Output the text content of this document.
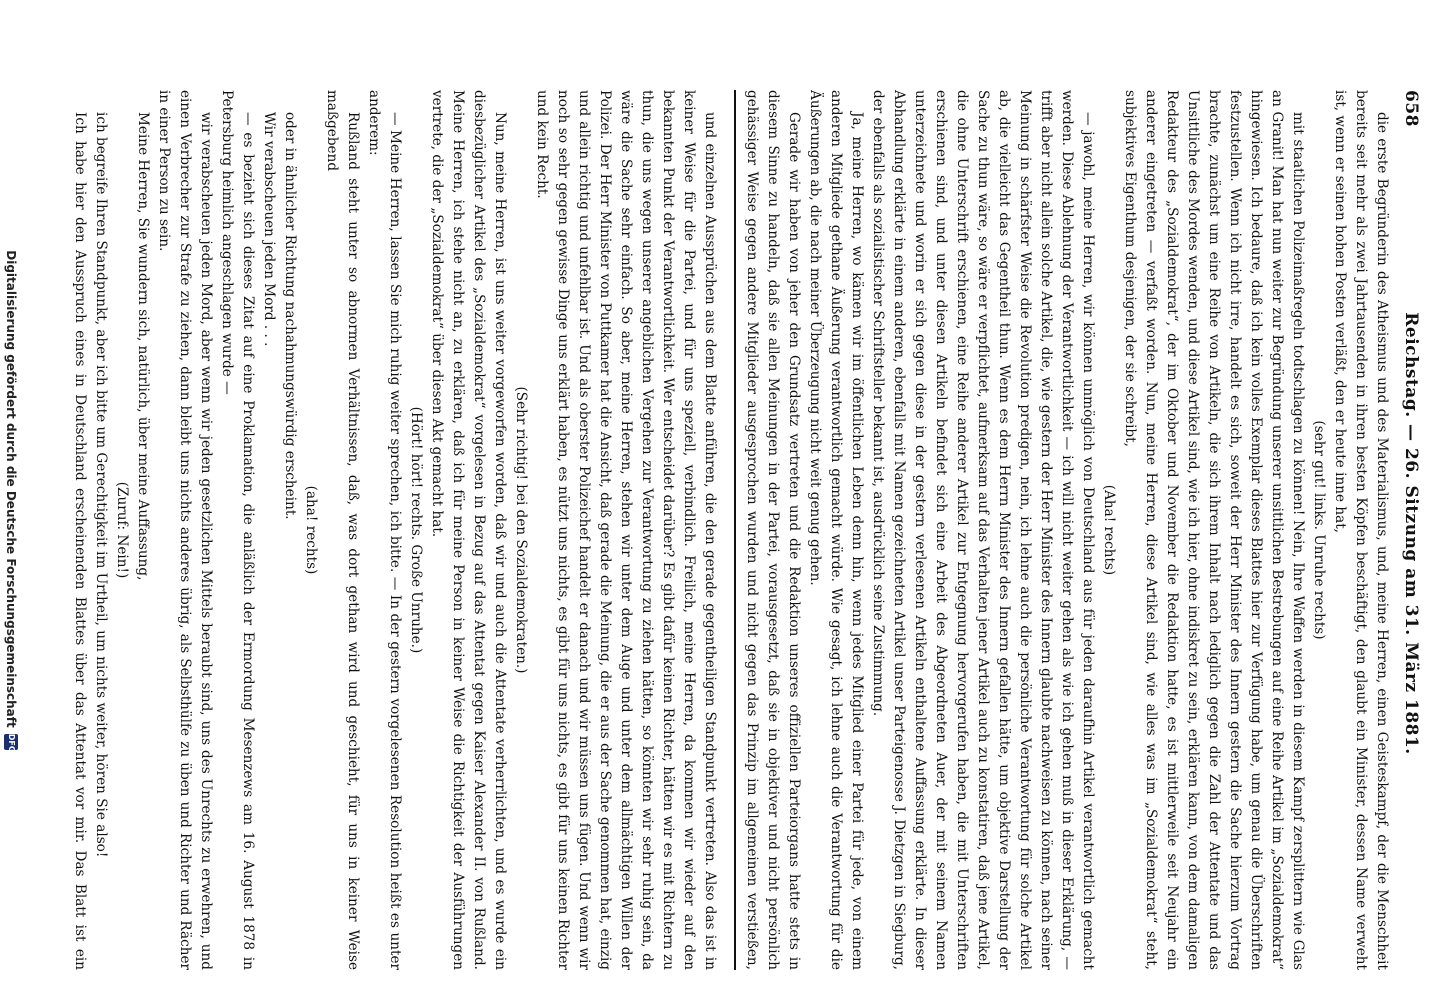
Digitalisierung gefördert durch die Deutsche Forschungsgemeinschaft
DFG
658
Reichstag. — 26. Sitzung am 31. März 1881.

die erste Begründerin des Atheismus und des Materialismus, und, meine Herren, einen Geisteskampf, der die Menschheit bereits seit mehr als zwei Jahrtausenden in ihren besten Köpfen beschäftigt, den glaubt ein Minister, dessen Name verweht ist, wenn er seinen hohen Posten verläßt, den er heute inne hat,

(sehr gut! links. Unruhe rechts)

mit staatlichen Polizeimaßregeln todtschlagen zu können! Nein, Ihre Waffen werden in diesem Kampf zersplittern wie Glas an Granit! Man hat nun weiter zur Begründung unserer unsittlichen Bestrebungen auf eine Reihe Artikel im „Sozialdemokrat“ hingewiesen. Ich bedaure, daß ich kein volles Exemplar dieses Blattes hier zur Verfügung habe, um genau die Überschriften festzustellen. Wenn ich nicht irre, handelt es sich, soweit der Herr Minister des Innern gestern die Sache hierzum Vortrag brachte, zunächst um eine Reihe von Artikeln, die sich ihrem Inhalt nach lediglich gegen die Zahl der Attentate und das Unsittliche des Mordes wenden, und diese Artikel sind, wie ich hier, ohne indiskret zu sein, erklären kann, von dem damaligen Redakteur des „Sozialdemokrat“, der im Oktober und November die Redaktion hatte, es ist mittlerweile seit Neujahr ein anderer eingetreten — verfaßt worden. Nun, meine Herren, diese Artikel sind, wie alles was im „Sozialdemokrat“ steht, subjektives Eigenthum desjenigen, der sie schreibt,

(Aha! rechts)

— jawohl, meine Herren, wir können unmöglich von Deutschland aus für jeden daraufhin Artikel verantwortlich gemacht werden. Diese Ablehnung der Verantwortlichkeit — ich will nicht weiter gehen als wie ich gehen muß in dieser Erklärung, — trifft aber nicht allein solche Artikel, die, wie gestern der Herr Minister des Innern glaubte nachweisen zu können, nach seiner Meinung in schärfster Weise die Revolution predigen, nein, ich lehne auch die persönliche Verantwortung für solche Artikel ab, die vielleicht das Gegentheil thun. Wenn es dem Herrn Minister des Innern gefallen hätte, um objektive Darstellung der Sache zu thun wäre, so wäre er verpflichtet, aufmerksam auf das Verhalten jener Artikel auch zu konstatiren, daß jene Artikel, die ohne Unterschrift erschienen, eine Reihe anderer Artikel zur Entgegnung hervorgerufen haben, die mit Unterschriften erschienen sind, und unter diesen Artikeln befindet sich eine Arbeit des Abgeordneten Auer, der mit seinem Namen unterzeichnete und worin er sich gegen diese in der gestern verlesenen Artikeln enthaltene Auffassung erklärte. In dieser Abhandlung erklärte in einem anderen, ebenfalls mit Namen gezeichneten Artikel unser Parteigenosse J. Dietzgen in Siegburg, der ebenfalls als sozialistischer Schriftsteller bekannt ist, ausdrücklich seine Zustimmung.

Ja, meine Herren, wo kämen wir im öffentlichen Leben denn hin, wenn jedes Mitglied einer Partei für jede, von einem anderen Mitgliede gethane Äußerung verantwortlich gemacht würde. Wie gesagt, ich lehne auch die Verantwortung für die Äußerungen ab, die nach meiner Überzeugung nicht weit genug gehen.

Gerade wir haben von jeher den Grundsatz vertreten und die Redaktion unseres offiziellen Parteiorgans hatte stets in diesem Sinne zu handeln, daß sie allen Meinungen in der Partei, vorausgesetzt, daß sie in objektiver und nicht persönlich gehässiger Weise gegen andere Mitglieder ausgesprochen wurden und nicht gegen das Prinzip im allgemeinen verstießen,

und einzelnen Aussprüchen aus dem Blatte anführen, die den gerade gegentheiligen Standpunkt vertreten. Also das ist in keiner Weise für die Partei, und für uns speziell, verbindlich. Freilich, meine Herren, da kommen wir wieder auf den bekannten Punkt der Verantwortlichkeit. Wer entscheidet darüber? Es gibt dafür keinen Richter, hätten wir es mit Richtern zu thun, die uns wegen unserer angeblichen Vergehen zur Verantwortung zu ziehen hätten, so könnten wir sehr ruhig sein, da wäre die Sache sehr einfach. So aber, meine Herren, stehen wir unter dem Auge und unter dem allmächtigen Willen der Polizei. Der Herr Minister von Puttkamer hat die Ansicht, daß gerade die Meinung, die er aus der Sache genommen hat, einzig und allein richtig und unfehlbar ist. Und als oberster Polizeichef handelt er danach und wir müssen uns fügen. Und wenn wir noch so sehr gegen gewisse Dinge uns erklärt haben, es nützt uns nichts, es gibt für uns nichts, es gibt für uns keinen Richter und kein Recht.

(Sehr richtig! bei den Sozialdemokraten.)

Nun, meine Herren, ist uns weiter vorgeworfen worden, daß wir und auch die Attentate verherrlichten, und es wurde ein diesbezüglicher Artikel des „Sozialdemokrat“ vorgelesen in Bezug auf das Attentat gegen Kaiser Alexander II. von Rußland. Meine Herren, ich stehe nicht an, zu erklären, daß ich für meine Person in keiner Weise die Richtigkeit der Ausführungen vertrete, die der „Sozialdemokrat“ über diesen Akt gemacht hat.

(Hört! hört! rechts. Große Unruhe.)

— Meine Herren, lassen Sie mich ruhig weiter sprechen, ich bitte. — In der gestern vorgelesenen Resolution heißt es unter anderem:

Rußland steht unter so abnormen Verhältnissen, daß, was dort gethan wird und geschieht, für uns in keiner Weise maßgebend

(aha! rechts)

oder in ähnlicher Richtung nachahmungswürdig erscheint.

Wir verabscheuen jeden Mord . . .

— es bezieht sich dieses Zitat auf eine Proklamation, die anläßlich der Ermordung Mesenzews am 16. August 1878 in Petersburg heimlich angeschlagen wurde —

wir verabscheuen jeden Mord, aber wenn wir jeden gesetzlichen Mittels beraubt sind, uns des Unrechts zu erwehren, und einen Verbrecher zur Strafe zu ziehen, dann bleibt uns nichts anderes übrig, als Selbsthülfe zu üben und Richter und Rächer in einer Person zu sein.

Meine Herren, Sie wundern sich, natürlich, über meine Auffassung,

(Zuruf: Nein!)

ich begreife Ihren Standpunkt, aber ich bitte um Gerechtigkeit im Urtheil, um nichts weiter, hören Sie also!

Ich habe hier den Ausspruch eines in Deutschland erscheinenden Blattes über das Attentat vor mir. Das Blatt ist ein
